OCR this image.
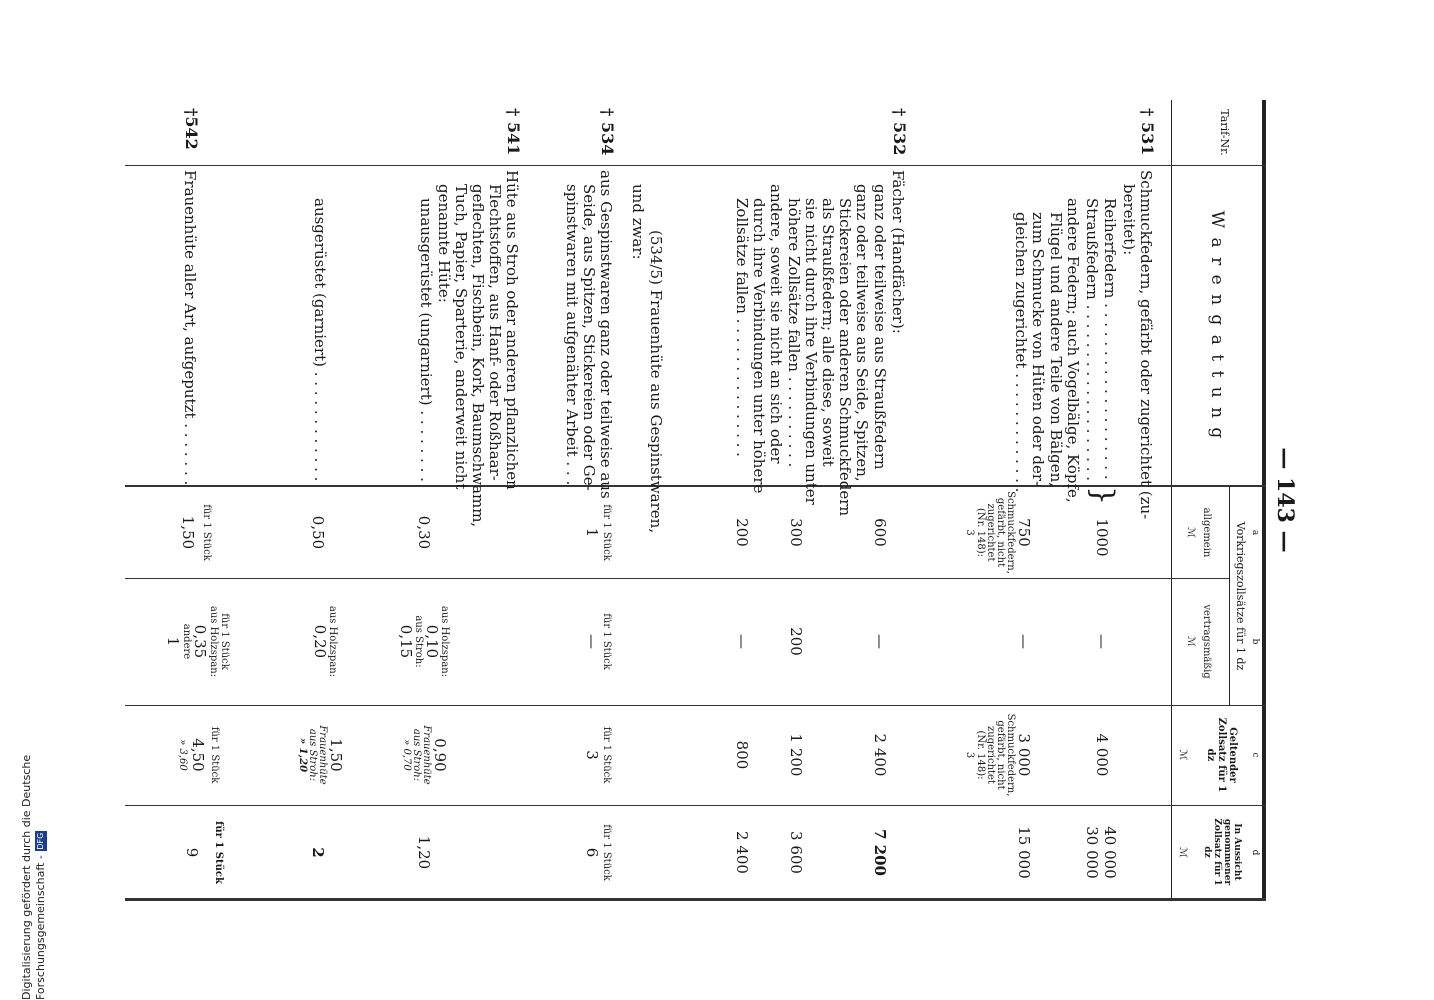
— 143 —
Tarif-Nr.
W a r e n g a t t u n g
a
b
c
d
Vorkriegszollsätze für 1 dz
allgemein
ℳ
vertragsmäßig
ℳ
Geltender Zollsatz für 1 dz
ℳ
In Aussicht genommener Zollsatz für 1 dz
ℳ
† 531
Schmuckfedern, gefärbt oder zugerichtet (zu-
bereitet):
Reiherfedern . . . . . . . . . . . . . . . . . . .
Straußfedern . . . . . . . . . . . . . . . . . . .
andere Federn; auch Vogelbälge, Köpfe,
Flügel und andere Teile von Bälgen,
zum Schmucke von Hüten oder der-
gleichen zugerichtet . . . . . . . . . . . . .
}
1000
—
4 000
40 000
30 000
750
Schmuckfedern,
gefärbt, nicht
zugerichtet
(Nr. 148):
3
—
3 000
Schmuckfedern,
gefärbt, nicht
zugerichtet
(Nr. 148):
3
15 000
† 532
Fächer (Handfächer):
ganz oder teilweise aus Straußfedern
ganz oder teilweise aus Seide, Spitzen,
Stickereien oder anderen Schmuckfedern
als Straußfedern; alle diese, soweit
sie nicht durch ihre Verbindungen unter
höhere Zollsätze fallen . . . . . . . . . .
andere, soweit sie nicht an sich oder
durch ihre Verbindungen unter höhere
Zollsätze fallen . . . . . . . . . . . . . . .
600
—
2 400
7 200
300
200
1 200
3 600
200
—
800
2 400
(534/5) Frauenhüte aus Gespinstwaren,
und zwar:
† 534
aus Gespinstwaren ganz oder teilweise aus
Seide, aus Spitzen, Stickereien oder Ge-
spinstwaren mit aufgenähter Arbeit . . .
für 1 Stück
1
für 1 Stück
—
für 1 Stück
3
für 1 Stück
6
† 541
Hüte aus Stroh oder anderen pflanzlichen
Flechtstoffen, aus Hanf- oder Roßhaar-
geflechten, Fischbein, Kork, Baumschwamm,
Tuch, Papier, Sparterie, anderweit nicht
genannte Hüte:
unausgerüstet (ungarniert) . . . . . . . .
ausgerüstet (garniert) . . . . . . . . . . . .
0,30
aus Holzspan:
0,10
aus Stroh:
0,15
0,90
Frauenhüte
aus Stroh:
» 0,70
1,20
0,50
aus Holzspan:
0,20
1,50
Frauenhüte
aus Stroh:
» 1,20
2
†542
Frauenhüte aller Art, aufgeputzt . . . . . . .
für 1 Stück
1,50
für 1 Stück
aus Holzspan:
0,35
andere
1
für 1 Stück
4,50
» 3,60
für 1 Stück
9
Digitalisierung gefördert durch die Deutsche Forschungsgemeinschaft -DFG
